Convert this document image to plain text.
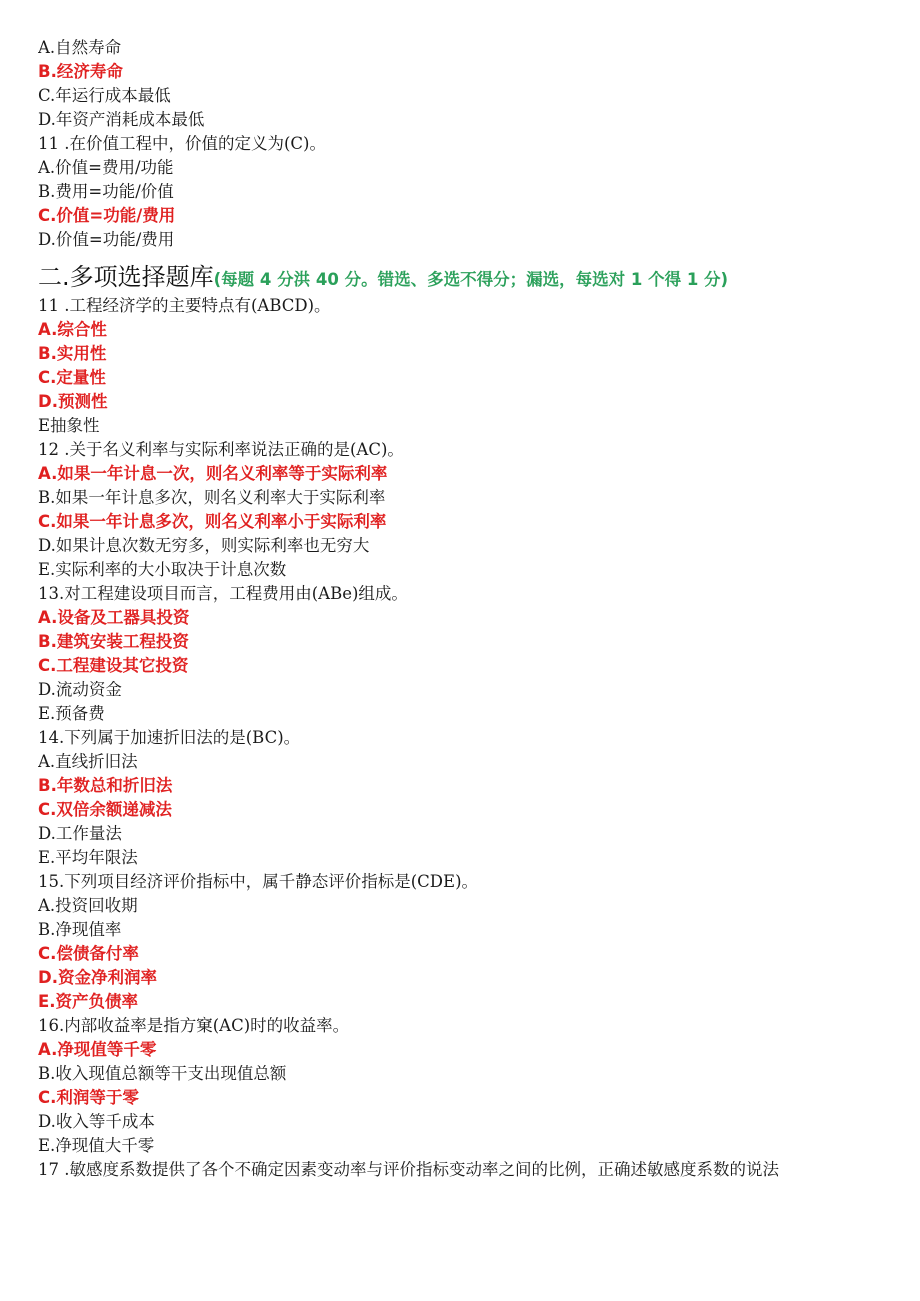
A.自然寿命
B.经济寿命
C.年运行成本最低
D.年资产消耗成本最低
11 .在价值工程中，价值的定义为(C)。
A.价值=费用/功能
B.费用=功能/价值
C.价值=功能/费用
D.价值=功能/费用
二.多项选择题库(每题 4 分洪 40 分。错选、多选不得分；漏选，每选对 1 个得 1 分)
11 .工程经济学的主要特点有(ABCD)。
A.综合性
B.实用性
C.定量性
D.预测性
E抽象性
12 .关于名义利率与实际利率说法正确的是(AC)。
A.如果一年计息一次，则名义利率等于实际利率
B.如果一年计息多次，则名义利率大于实际利率
C.如果一年计息多次，则名义利率小于实际利率
D.如果计息次数无穷多，则实际利率也无穷大
E.实际利率的大小取决于计息次数
13.对工程建设项目而言，工程费用由(ABe)组成。
A.设备及工器具投资
B.建筑安装工程投资
C.工程建设其它投资
D.流动资金
E.预备费
14.下列属于加速折旧法的是(BC)。
A.直线折旧法
B.年数总和折旧法
C.双倍余额递减法
D.工作量法
E.平均年限法
15.下列项目经济评价指标中，属千静态评价指标是(CDE)。
A.投资回收期
B.净现值率
C.偿债备付率
D.资金净利润率
E.资产负债率
16.内部收益率是指方窠(AC)时的收益率。
A.净现值等千零
B.收入现值总额等干支出现值总额
C.利润等于零
D.收入等千成本
E.净现值大千零
17 .敏感度系数提供了各个不确定因素变动率与评价指标变动率之间的比例，正确述敏感度系数的说法
